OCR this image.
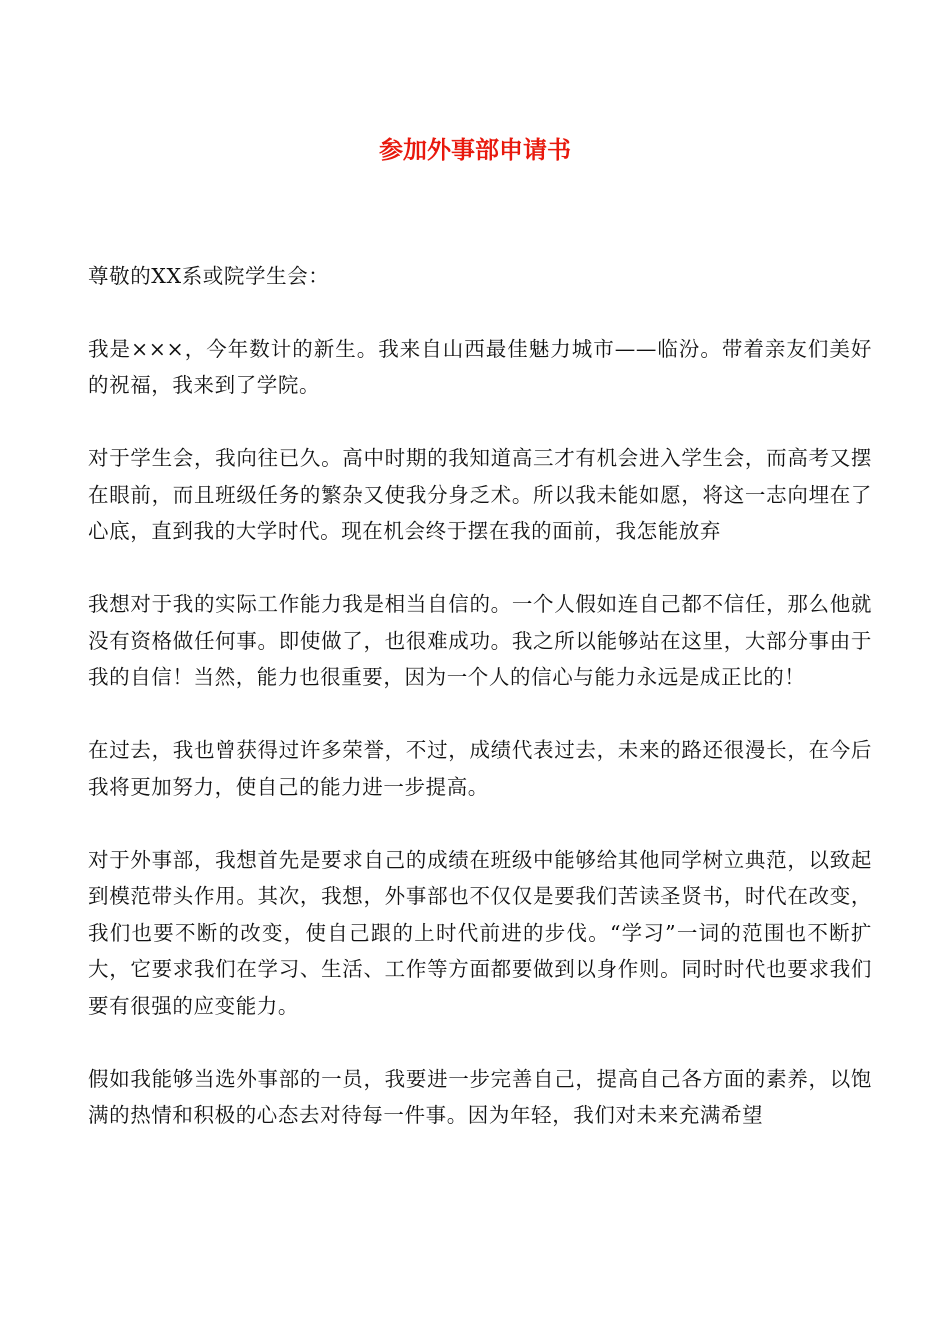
参加外事部申请书

尊敬的XX系或院学生会：

我是×××，今年数计的新生。我来自山西最佳魅力城市——临汾。带着亲友们美好的祝福，我来到了学院。

对于学生会，我向往已久。高中时期的我知道高三才有机会进入学生会，而高考又摆在眼前，而且班级任务的繁杂又使我分身乏术。所以我未能如愿，将这一志向埋在了心底，直到我的大学时代。现在机会终于摆在我的面前，我怎能放弃

我想对于我的实际工作能力我是相当自信的。一个人假如连自己都不信任，那么他就没有资格做任何事。即使做了，也很难成功。我之所以能够站在这里，大部分事由于我的自信！当然，能力也很重要，因为一个人的信心与能力永远是成正比的！

在过去，我也曾获得过许多荣誉，不过，成绩代表过去，未来的路还很漫长，在今后我将更加努力，使自己的能力进一步提高。

对于外事部，我想首先是要求自己的成绩在班级中能够给其他同学树立典范，以致起到模范带头作用。其次，我想，外事部也不仅仅是要我们苦读圣贤书，时代在改变，我们也要不断的改变，使自己跟的上时代前进的步伐。“学习”一词的范围也不断扩大，它要求我们在学习、生活、工作等方面都要做到以身作则。同时时代也要求我们要有很强的应变能力。

假如我能够当选外事部的一员，我要进一步完善自己，提高自己各方面的素养，以饱满的热情和积极的心态去对待每一件事。因为年轻，我们对未来充满希望
